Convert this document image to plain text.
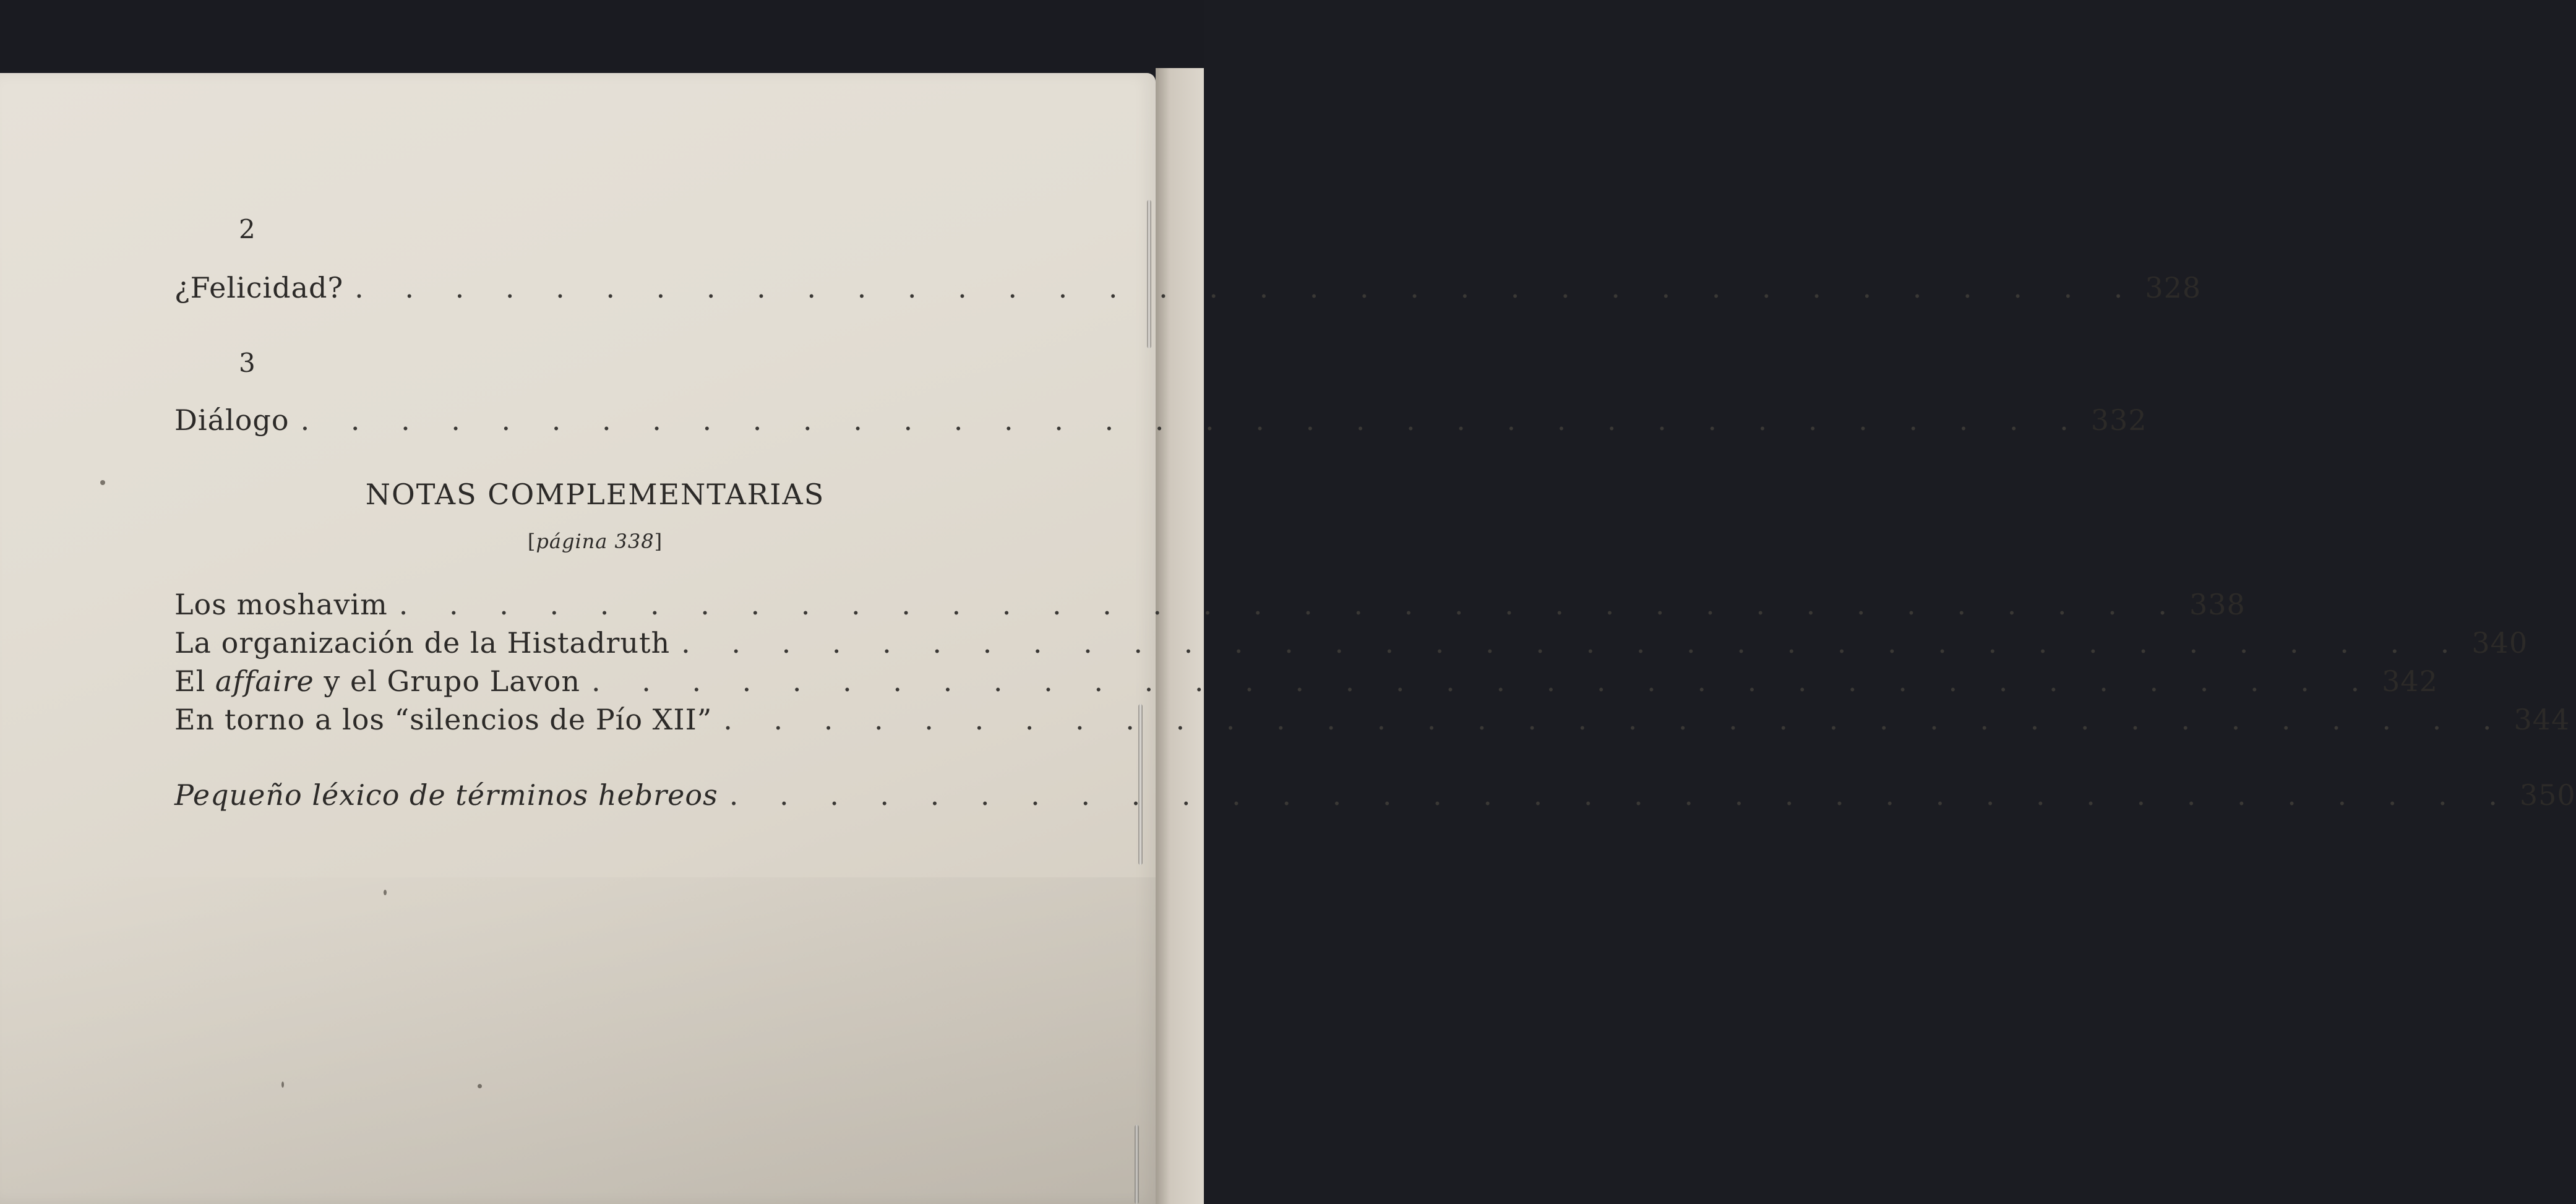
2
¿Felicidad? . . . . . . . . . . . . . . . . . . . . . . . . . . . . . . . . . . . . 328
3
Diálogo . . . . . . . . . . . . . . . . . . . . . . . . . . . . . . . . . . . . 332
NOTAS COMPLEMENTARIAS
[página 338]
Los moshavim . . . . . . . . . . . . . . . . . . . . . . . . . . . . . . . . . . . . 338
La organización de la Histadruth . . . . . . . . . . . . . . . . . . . . . . . . . . . . . . . . . . . . 340
El affaire y el Grupo Lavon . . . . . . . . . . . . . . . . . . . . . . . . . . . . . . . . . . . . 342
En torno a los “silencios de Pío XII” . . . . . . . . . . . . . . . . . . . . . . . . . . . . . . . . . . . . 344
Pequeño léxico de términos hebreos . . . . . . . . . . . . . . . . . . . . . . . . . . . . . . . . . . . . 350
